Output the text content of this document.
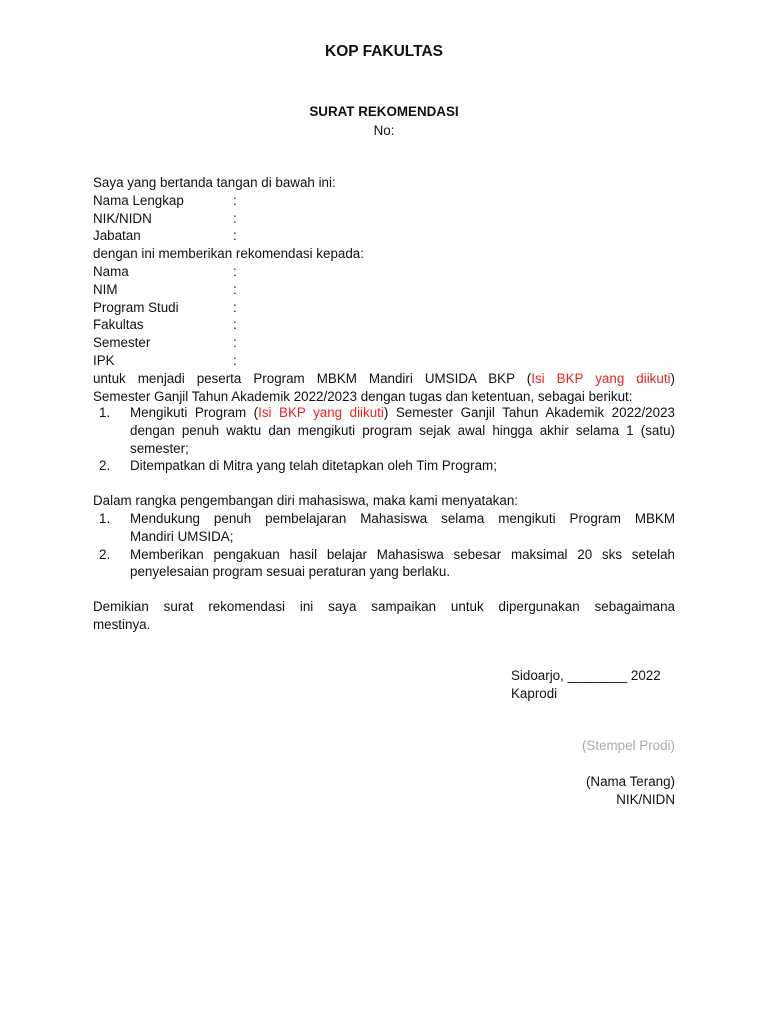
KOP FAKULTAS
SURAT REKOMENDASI
No:
Saya yang bertanda tangan di bawah ini:
Nama Lengkap	:
NIK/NIDN	:
Jabatan	:
dengan ini memberikan rekomendasi kepada:
Nama	:
NIM	:
Program Studi	:
Fakultas	:
Semester	:
IPK	:
untuk menjadi peserta Program MBKM Mandiri UMSIDA BKP (Isi BKP yang diikuti)
Semester Ganjil Tahun Akademik 2022/2023 dengan tugas dan ketentuan, sebagai berikut:
1. Mengikuti Program (Isi BKP yang diikuti) Semester Ganjil Tahun Akademik 2022/2023
dengan penuh waktu dan mengikuti program sejak awal hingga akhir selama 1 (satu)
semester;
2. Ditempatkan di Mitra yang telah ditetapkan oleh Tim Program;
Dalam rangka pengembangan diri mahasiswa, maka kami menyatakan:
1. Mendukung penuh pembelajaran Mahasiswa selama mengikuti Program MBKM
Mandiri UMSIDA;
2. Memberikan pengakuan hasil belajar Mahasiswa sebesar maksimal 20 sks setelah
penyelesaian program sesuai peraturan yang berlaku.
Demikian surat rekomendasi ini saya sampaikan untuk dipergunakan sebagaimana
mestinya.
Sidoarjo, ________ 2022
Kaprodi
(Stempel Prodi)
(Nama Terang)
NIK/NIDN
